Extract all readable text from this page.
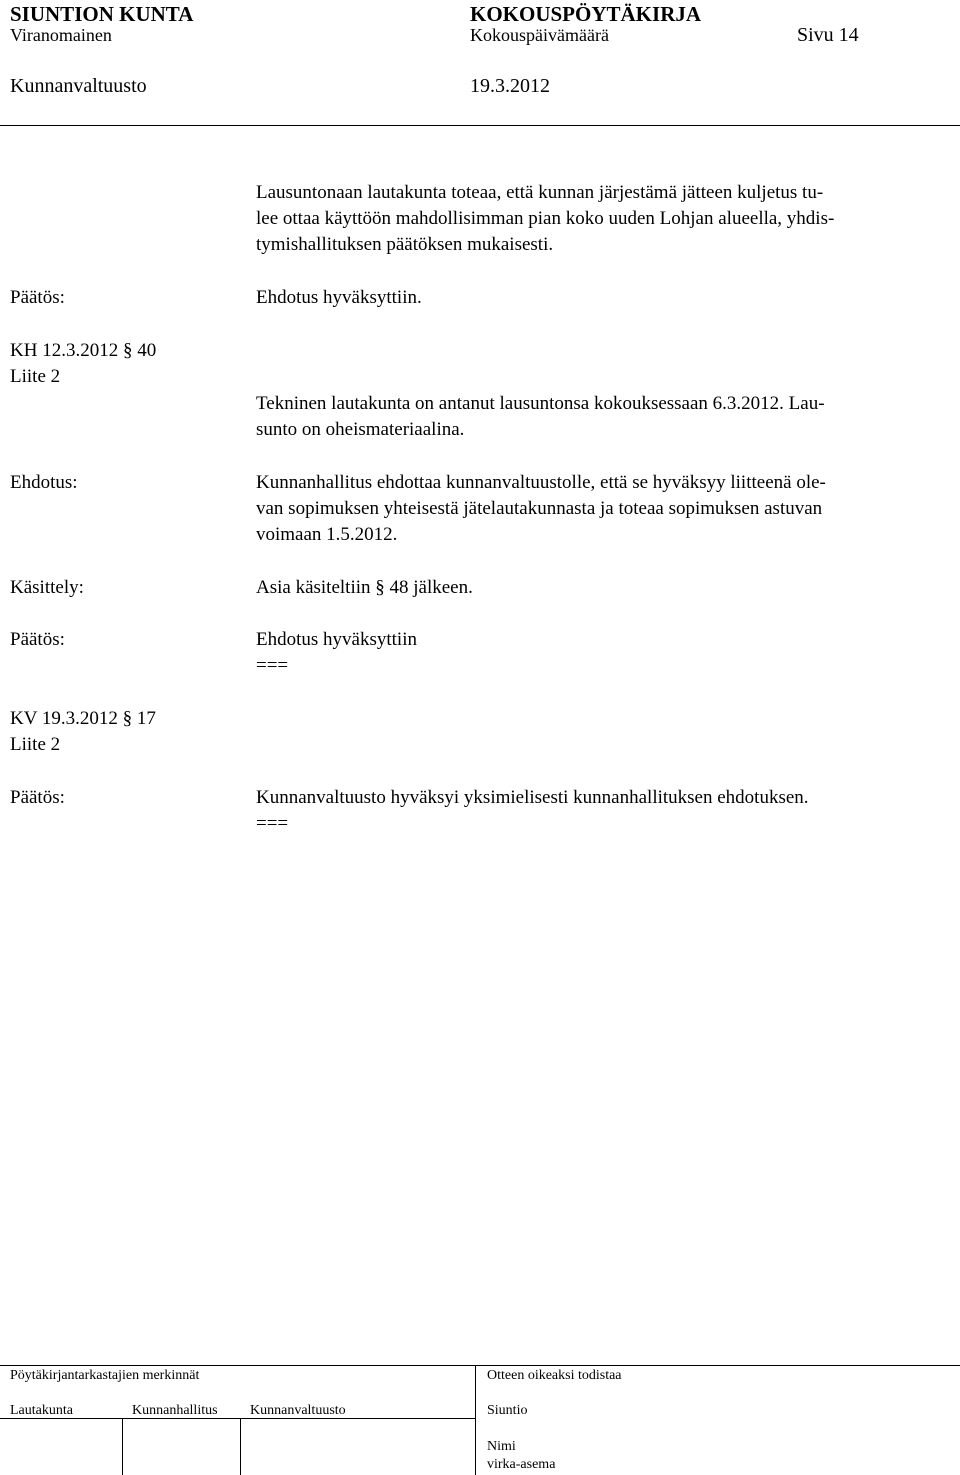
SIUNTION KUNTA	KOKOUSPÖYTÄKIRJA
Viranomainen	Kokouspäivämäärä	Sivu 14
Kunnanvaltuusto	19.3.2012
Lausuntonaan lautakunta toteaa, että kunnan järjestämä jätteen kuljetus tu-
lee ottaa käyttöön mahdollisimman pian koko uuden Lohjan alueella, yhdis-
tymishallituksen päätöksen mukaisesti.
Päätös:	Ehdotus hyväksyttiin.
KH 12.3.2012 § 40
Liite 2
Tekninen lautakunta on antanut lausuntonsa kokouksessaan 6.3.2012. Lau-
sunto on oheismateriaalina.
Ehdotus:	Kunnanhallitus ehdottaa kunnanvaltuustolle, että se hyväksyy liitteenä ole-
van sopimuksen yhteisestä jätelautakunnasta ja toteaa sopimuksen astuvan
voimaan 1.5.2012.
Käsittely:	Asia käsiteltiin § 48 jälkeen.
Päätös:	Ehdotus hyväksyttiin
===
KV 19.3.2012 § 17
Liite 2
Päätös:	Kunnanvaltuusto hyväksyi yksimielisesti kunnanhallituksen ehdotuksen.
===
Pöytäkirjantarkastajien merkinnät	Otteen oikeaksi todistaa
Lautakunta	Kunnanhallitus Kunnanvaltuusto	Siuntio
Nimi
virka-asema
